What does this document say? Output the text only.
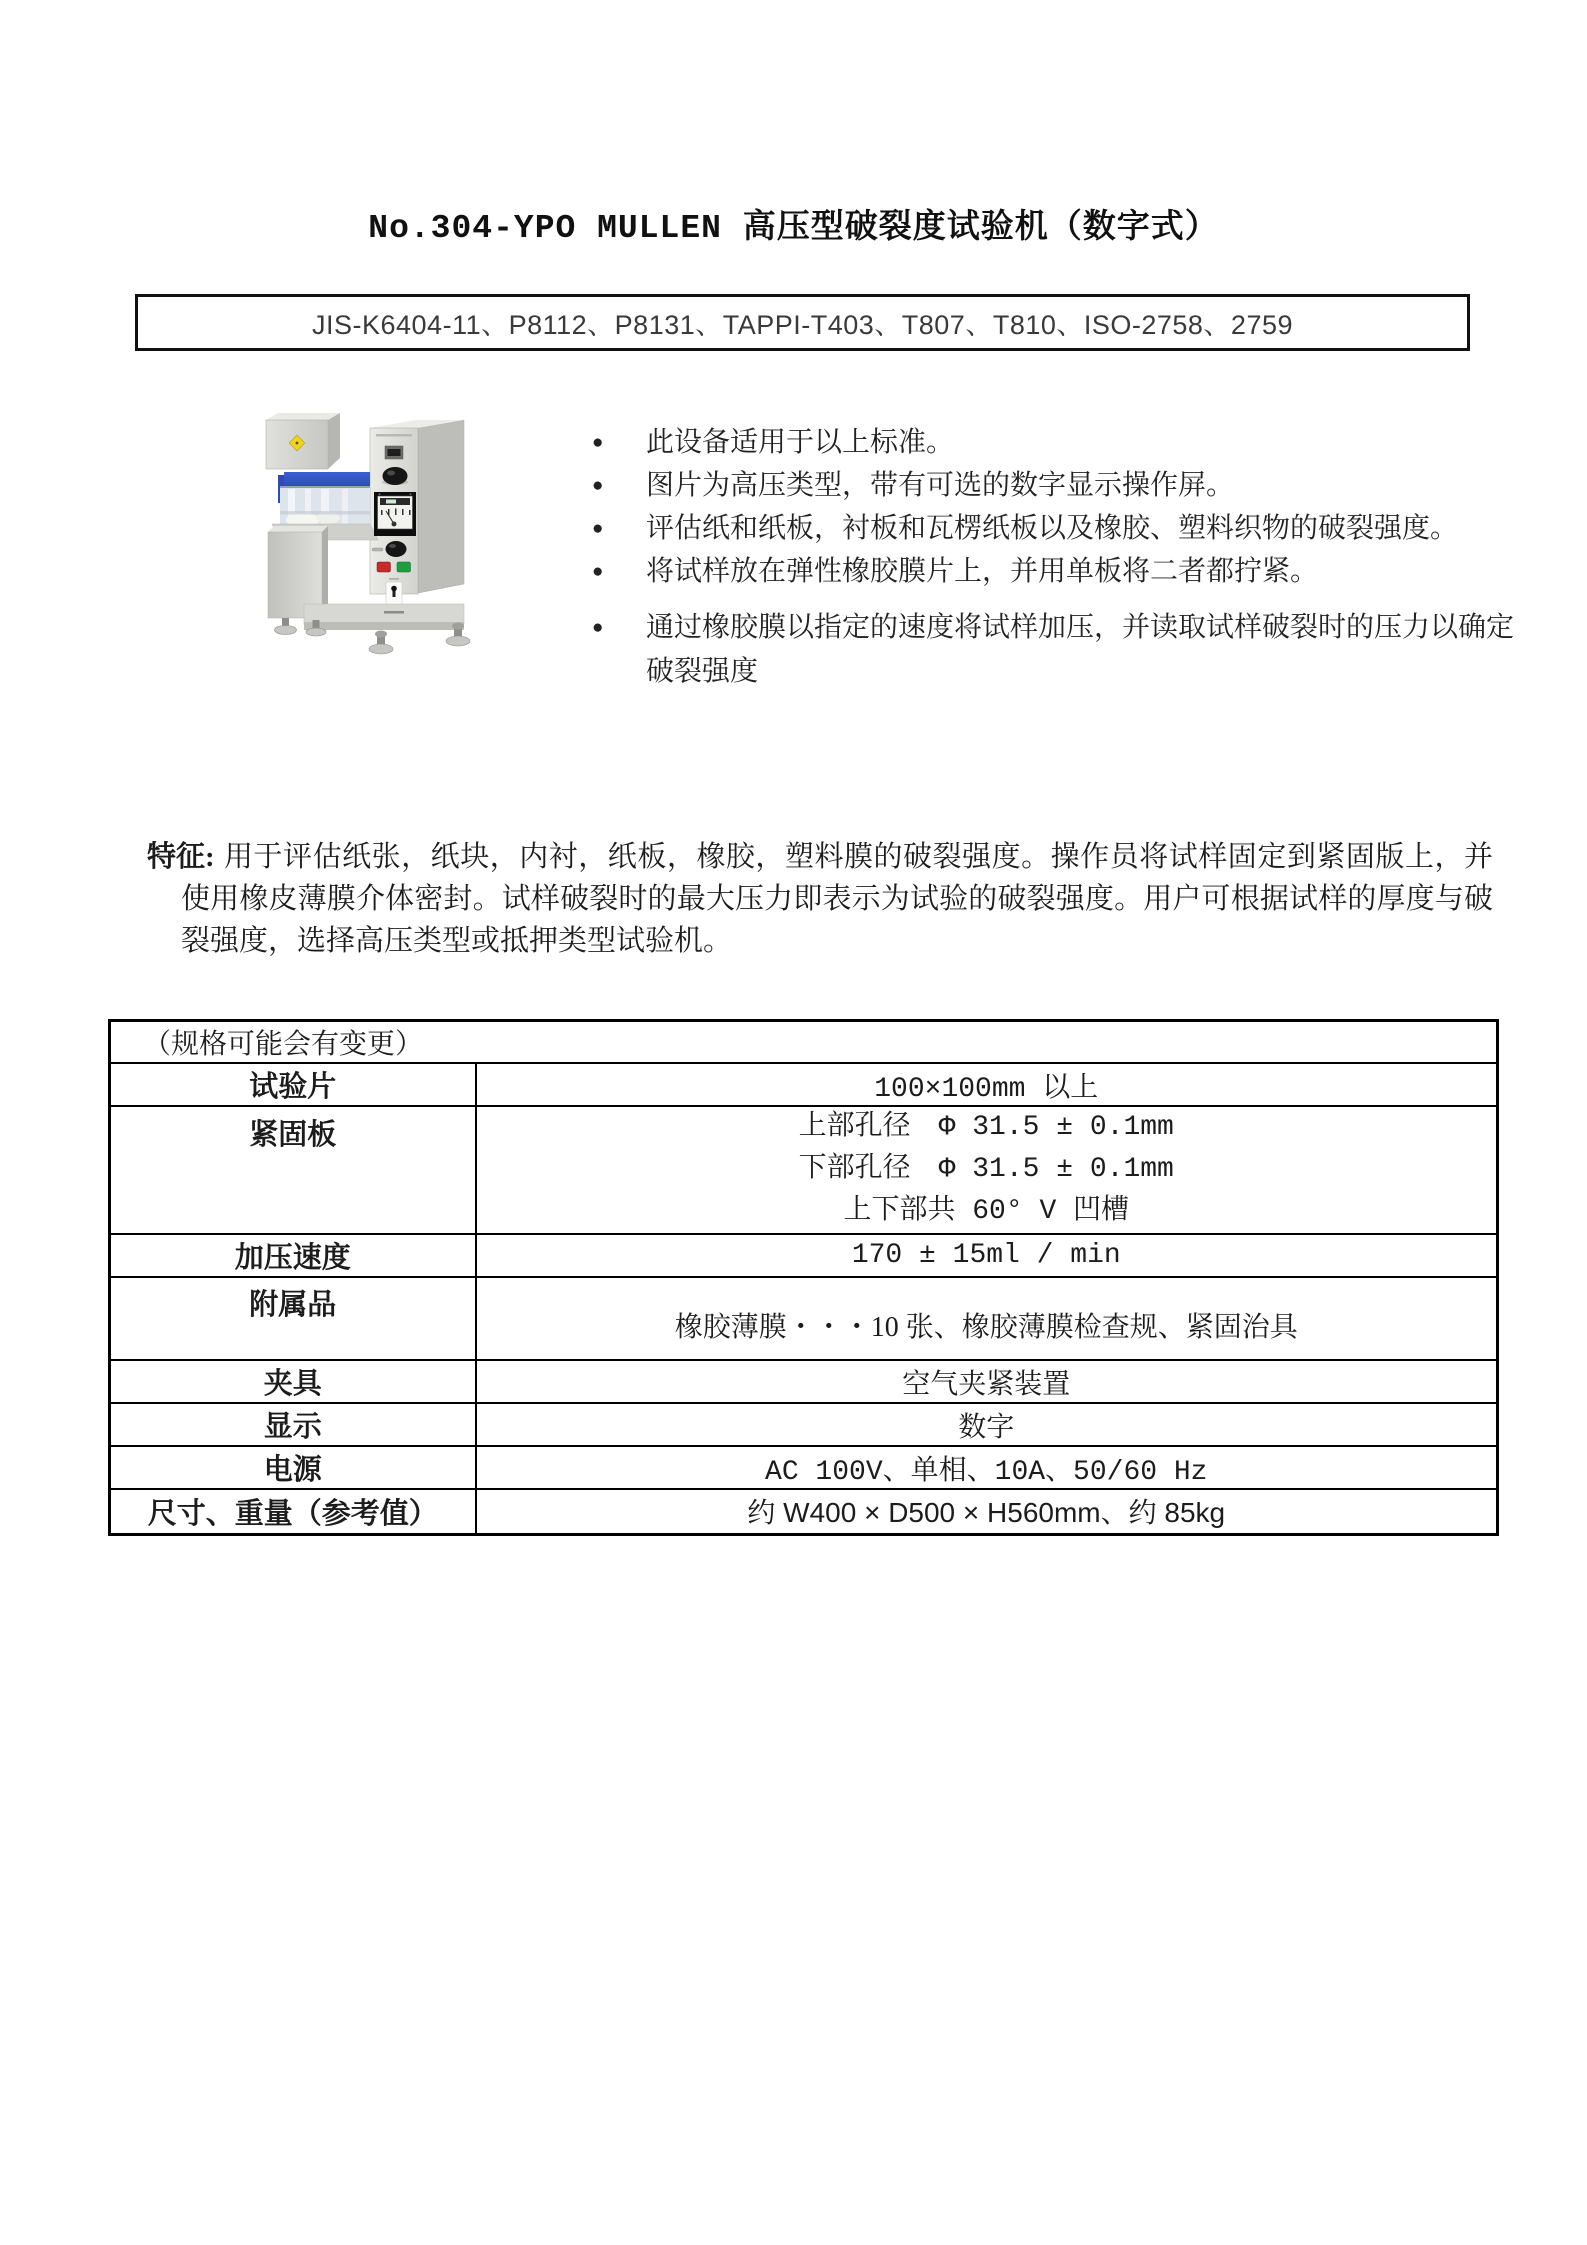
No.304-YPO MULLEN 高压型破裂度试验机（数字式）
JIS-K6404-11、P8112、P8131、TAPPI-T403、T807、T810、ISO-2758、2759
●	此设备适用于以上标准。
●	图片为高压类型，带有可选的数字显示操作屏。
●	评估纸和纸板，衬板和瓦楞纸板以及橡胶、塑料织物的破裂强度。
●	将试样放在弹性橡胶膜片上，并用单板将二者都拧紧。
●	通过橡胶膜以指定的速度将试样加压，并读取试样破裂时的压力以确定破裂强度
特征: 用于评估纸张，纸块，内衬，纸板，橡胶，塑料膜的破裂强度。操作员将试样固定到紧固版上，并使用橡皮薄膜介体密封。试样破裂时的最大压力即表示为试验的破裂强度。用户可根据试样的厚度与破裂强度，选择高压类型或抵押类型试验机。
（规格可能会有变更）	
试验片	100×100mm 以上
紧固板	上部孔径　Φ 31.5 ± 0.1mm
下部孔径　Φ 31.5 ± 0.1mm
上下部共 60° V 凹槽

加压速度	170 ± 15ml / min
附属品	橡胶薄膜・・・10 张、橡胶薄膜检查规、紧固治具
夹具	空气夹紧装置
显示	数字
电源	AC 100V、单相、10A、50/60 Hz
尺寸、重量（参考值）	约 W400 × D500 × H560mm、约 85kg
